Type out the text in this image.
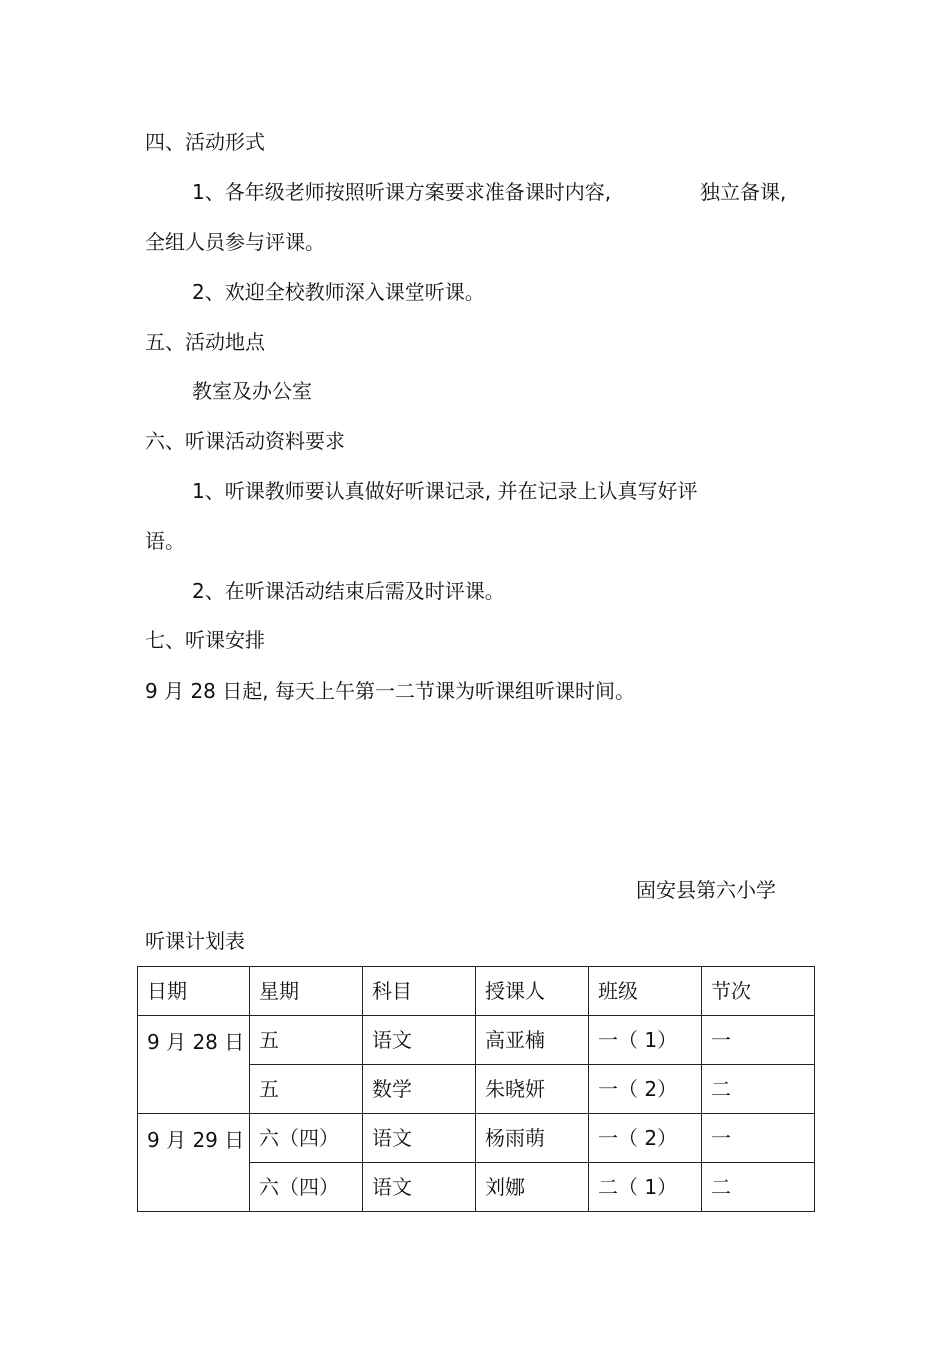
四、活动形式
1、各年级老师按照听课方案要求准备课时内容,	独立备课,
全组人员参与评课。
2、欢迎全校教师深入课堂听课。
五、活动地点
教室及办公室
六、听课活动资料要求
1、听课教师要认真做好听课记录, 并在记录上认真写好评
语。
2、在听课活动结束后需及时评课。
七、听课安排
9 月 28 日起, 每天上午第一二节课为听课组听课时间。
固安县第六小学
听课计划表
日期	星期	科目	授课人	班级	节次
9 月 28 日	五	语文	高亚楠	一（ 1）	一
	五	数学	朱晓妍	一（ 2）	二
9 月 29 日	六（四）	语文	杨雨萌	一（ 2）	一
	六（四）	语文	刘娜	二（ 1）	二
